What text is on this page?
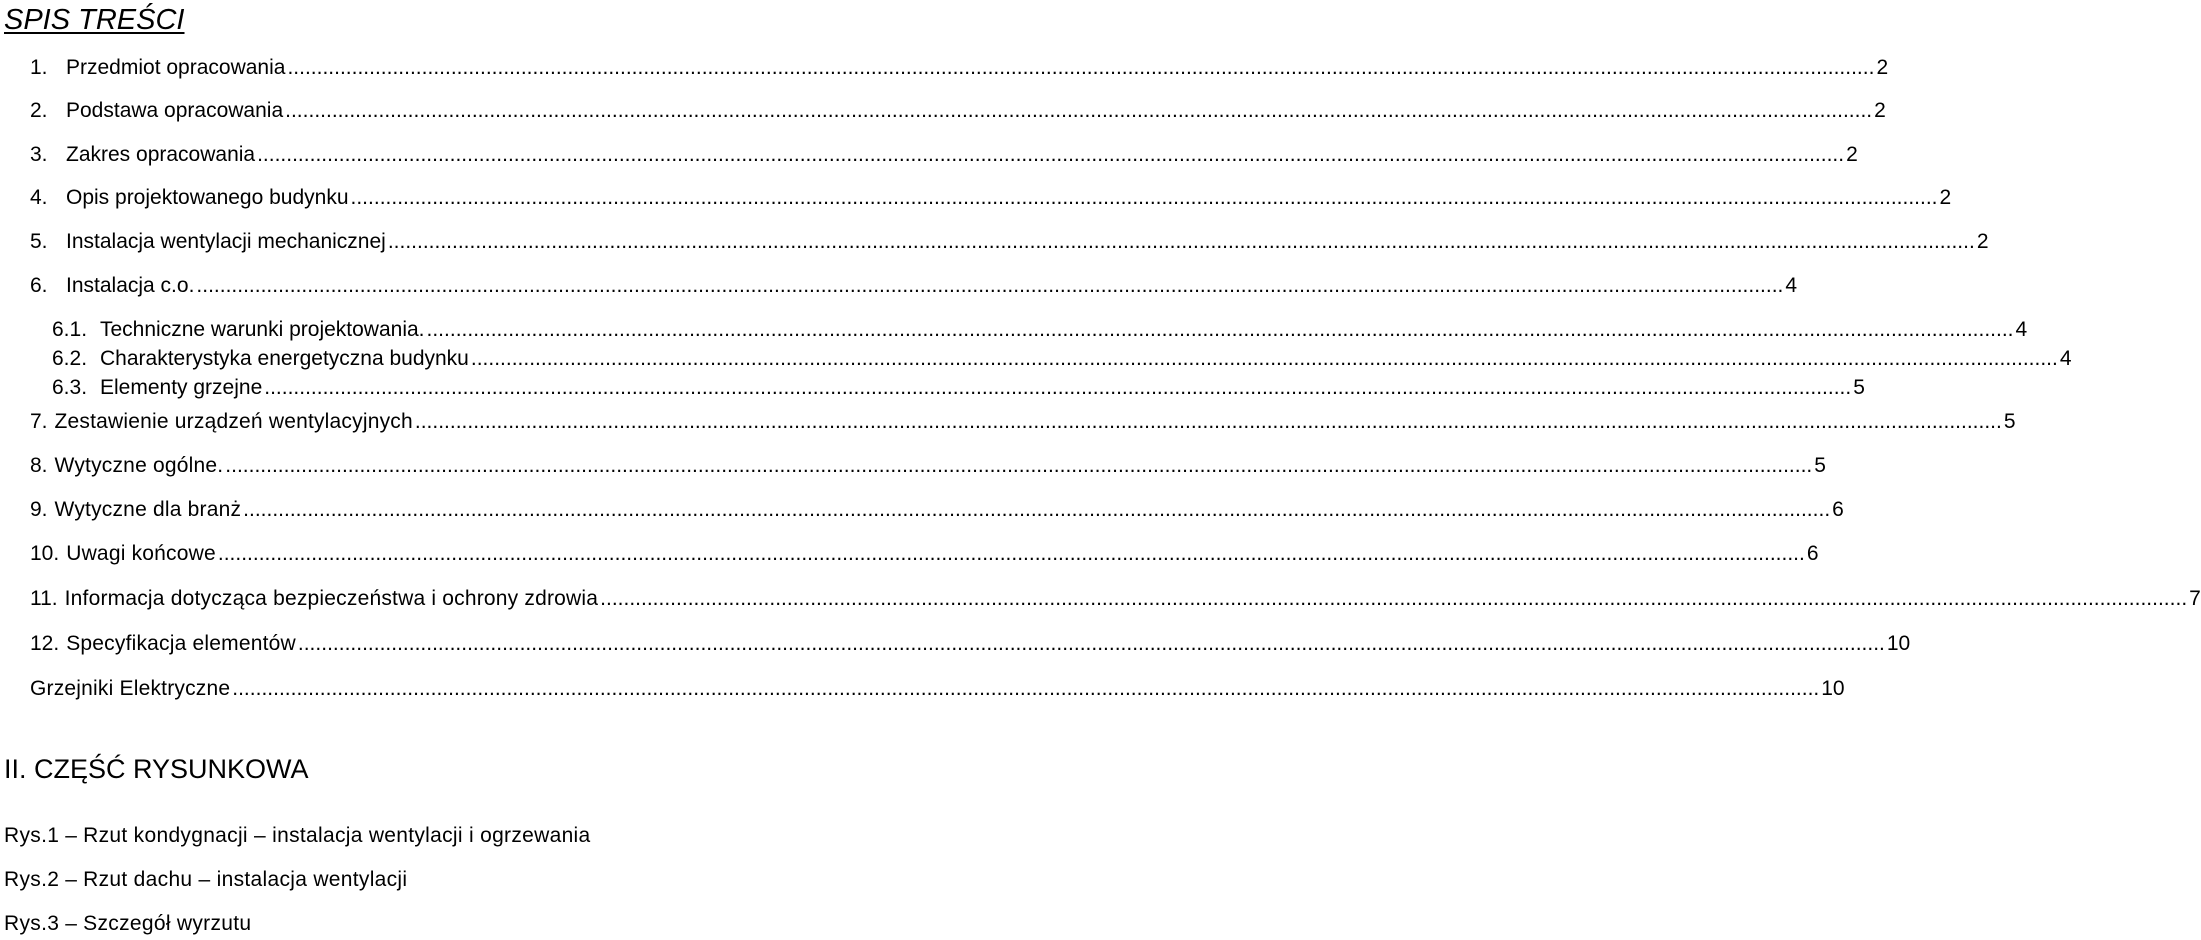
SPIS TREŚCI
1. Przedmiot opracowania ................................................................................................................................................................................................................................................................................ 2
2. Podstawa opracowania ................................................................................................................................................................................................................................................................................ 2
3. Zakres opracowania ................................................................................................................................................................................................................................................................................ 2
4. Opis projektowanego budynku ................................................................................................................................................................................................................................................................................ 2
5. Instalacja wentylacji mechanicznej ................................................................................................................................................................................................................................................................................ 2
6. Instalacja c.o. ................................................................................................................................................................................................................................................................................ 4
6.1. Techniczne warunki projektowania. ................................................................................................................................................................................................................................................................................ 4
6.2. Charakterystyka energetyczna budynku ................................................................................................................................................................................................................................................................................ 4
6.3. Elementy grzejne ................................................................................................................................................................................................................................................................................ 5
7. Zestawienie urządzeń wentylacyjnych ................................................................................................................................................................................................................................................................................ 5
8. Wytyczne ogólne. ................................................................................................................................................................................................................................................................................ 5
9. Wytyczne dla branż ................................................................................................................................................................................................................................................................................ 6
10. Uwagi końcowe ................................................................................................................................................................................................................................................................................ 6
11. Informacja dotycząca bezpieczeństwa i ochrony zdrowia ................................................................................................................................................................................................................................................................................ 7
12. Specyfikacja elementów ................................................................................................................................................................................................................................................................................ 10
Grzejniki Elektryczne ................................................................................................................................................................................................................................................................................ 10
II. CZĘŚĆ RYSUNKOWA
Rys.1 – Rzut kondygnacji – instalacja wentylacji i ogrzewania
Rys.2 – Rzut dachu – instalacja wentylacji
Rys.3 – Szczegół wyrzutu
